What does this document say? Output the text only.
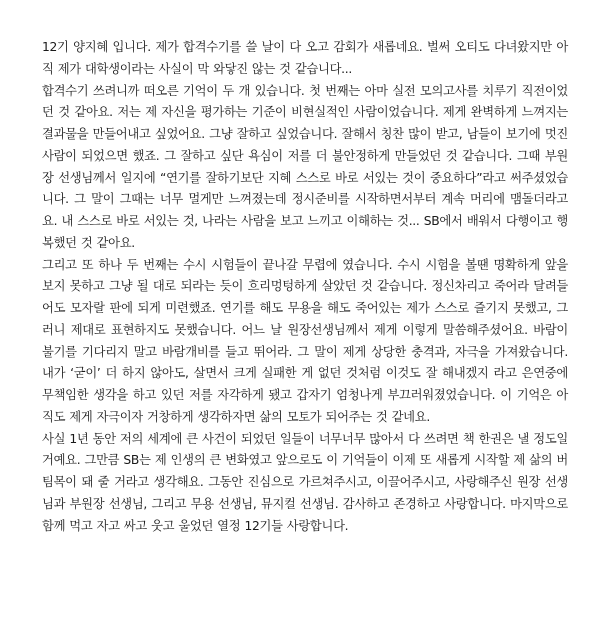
12기 양지혜 입니다. 제가 합격수기를 쓸 날이 다 오고 감회가 새롭네요. 벌써 오티도 다녀왔지만 아직 제가 대학생이라는 사실이 막 와닿진 않는 것 같습니다...

합격수기 쓰려니까 떠오른 기억이 두 개 있습니다. 첫 번째는 아마 실전 모의고사를 치루기 직전이었던 것 같아요. 저는 제 자신을 평가하는 기준이 비현실적인 사람이었습니다. 제게 완벽하게 느껴지는 결과물을 만들어내고 싶었어요. 그냥 잘하고 싶었습니다. 잘해서 칭찬 많이 받고, 남들이 보기에 멋진 사람이 되었으면 했죠. 그 잘하고 싶단 욕심이 저를 더 불안정하게 만들었던 것 같습니다. 그때 부원장 선생님께서 일지에 “연기를 잘하기보단 지혜 스스로 바로 서있는 것이 중요하다”라고 써주셨었습니다. 그 말이 그때는 너무 멀게만 느껴졌는데 정시준비를 시작하면서부터 계속 머리에 맴돌더라고요. 내 스스로 바로 서있는 것, 나라는 사람을 보고 느끼고 이해하는 것... SB에서 배워서 다행이고 행복했던 것 같아요.

그리고 또 하나 두 번째는 수시 시험들이 끝나갈 무렵에 였습니다. 수시 시험을 볼땐 명확하게 앞을 보지 못하고 그냥 될 대로 되라는 듯이 흐리멍텅하게 살았던 것 같습니다. 정신차리고 죽어라 달려들어도 모자랄 판에 되게 미련했죠. 연기를 해도 무용을 해도 죽어있는 제가 스스로 즐기지 못했고, 그러니 제대로 표현하지도 못했습니다. 어느 날 원장선생님께서 제게 이렇게 말씀해주셨어요. 바람이 불기를 기다리지 말고 바람개비를 들고 뛰어라. 그 말이 제게 상당한 충격과, 자극을 가져왔습니다. 내가 ‘굳이’ 더 하지 않아도, 살면서 크게 실패한 게 없던 것처럼 이것도 잘 해내겠지 라고 은연중에 무책임한 생각을 하고 있던 저를 자각하게 됐고 갑자기 엄청나게 부끄러워졌었습니다. 이 기억은 아직도 제게 자극이자 거창하게 생각하자면 삶의 모토가 되어주는 것 같네요.

사실 1년 동안 저의 세계에 큰 사건이 되었던 일들이 너무너무 많아서 다 쓰려면 책 한권은 낼 정도일거예요. 그만큼 SB는 제 인생의 큰 변화였고 앞으로도 이 기억들이 이제 또 새롭게 시작할 제 삶의 버팀목이 돼 줄 거라고 생각해요. 그동안 진심으로 가르쳐주시고, 이끌어주시고, 사랑해주신 원장 선생님과 부원장 선생님, 그리고 무용 선생님, 뮤지컬 선생님. 감사하고 존경하고 사랑합니다. 마지막으로 함께 먹고 자고 싸고 웃고 울었던 열정 12기들 사랑합니다.
